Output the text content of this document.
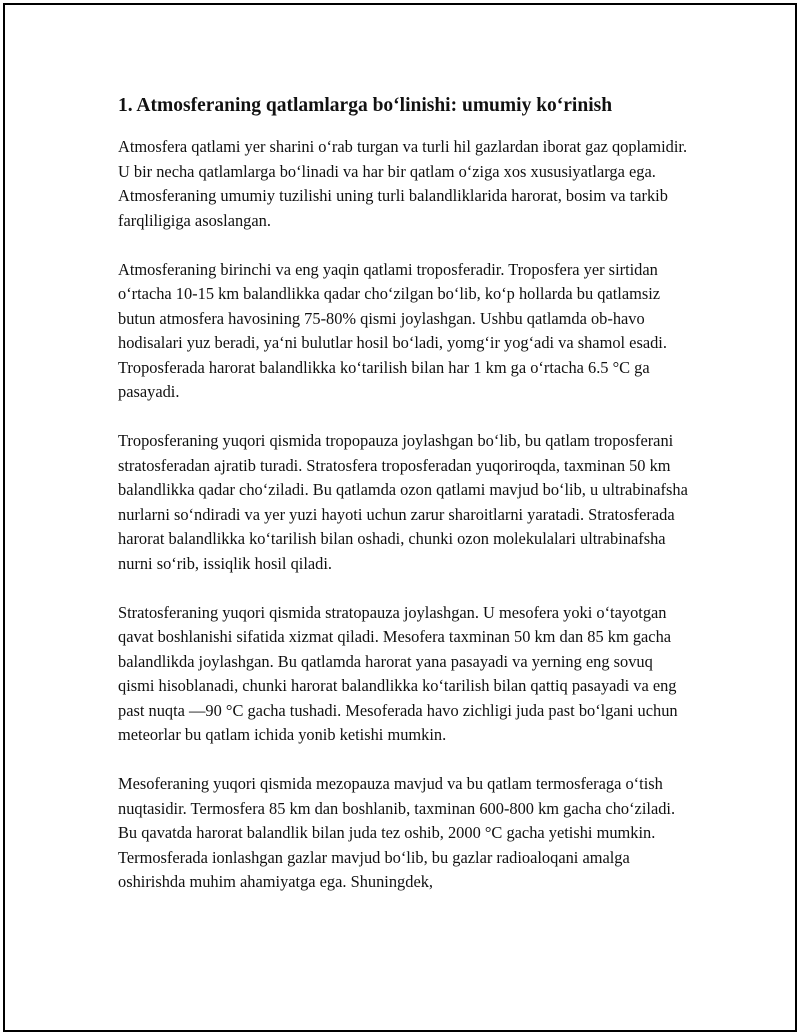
1. Atmosferaning qatlamlarga bo‘linishi: umumiy ko‘rinish

Atmosfera qatlami yer sharini o‘rab turgan va turli hil gazlardan iborat gaz qoplamidir. U bir necha qatlamlarga bo‘linadi va har bir qatlam o‘ziga xos xususiyatlarga ega. Atmosferaning umumiy tuzilishi uning turli balandliklarida harorat, bosim va tarkib farqliligiga asoslangan.

Atmosferaning birinchi va eng yaqin qatlami troposferadir. Troposfera yer sirtidan o‘rtacha 10-15 km balandlikka qadar cho‘zilgan bo‘lib, ko‘p hollarda bu qatlamsiz butun atmosfera havosining 75-80% qismi joylashgan. Ushbu qatlamda ob-havo hodisalari yuz beradi, ya‘ni bulutlar hosil bo‘ladi, yomg‘ir yog‘adi va shamol esadi. Troposferada harorat balandlikka ko‘tarilish bilan har 1 km ga o‘rtacha 6.5 °C ga pasayadi.

Troposferaning yuqori qismida tropopauza joylashgan bo‘lib, bu qatlam troposferani stratosferadan ajratib turadi. Stratosfera troposferadan yuqoriroqda, taxminan 50 km balandlikka qadar cho‘ziladi. Bu qatlamda ozon qatlami mavjud bo‘lib, u ultrabinafsha nurlarni so‘ndiradi va yer yuzi hayoti uchun zarur sharoitlarni yaratadi. Stratosferada harorat balandlikka ko‘tarilish bilan oshadi, chunki ozon molekulalari ultrabinafsha nurni so‘rib, issiqlik hosil qiladi.

Stratosferaning yuqori qismida stratopauza joylashgan. U mesofera yoki o‘tayotgan qavat boshlanishi sifatida xizmat qiladi. Mesofera taxminan 50 km dan 85 km gacha balandlikda joylashgan. Bu qatlamda harorat yana pasayadi va yerning eng sovuq qismi hisoblanadi, chunki harorat balandlikka ko‘tarilish bilan qattiq pasayadi va eng past nuqta —90 °C gacha tushadi. Mesoferada havo zichligi juda past bo‘lgani uchun meteorlar bu qatlam ichida yonib ketishi mumkin.

Mesoferaning yuqori qismida mezopauza mavjud va bu qatlam termosferaga o‘tish nuqtasidir. Termosfera 85 km dan boshlanib, taxminan 600-800 km gacha cho‘ziladi. Bu qavatda harorat balandlik bilan juda tez oshib, 2000 °C gacha yetishi mumkin. Termosferada ionlashgan gazlar mavjud bo‘lib, bu gazlar radioaloqani amalga oshirishda muhim ahamiyatga ega. Shuningdek,
